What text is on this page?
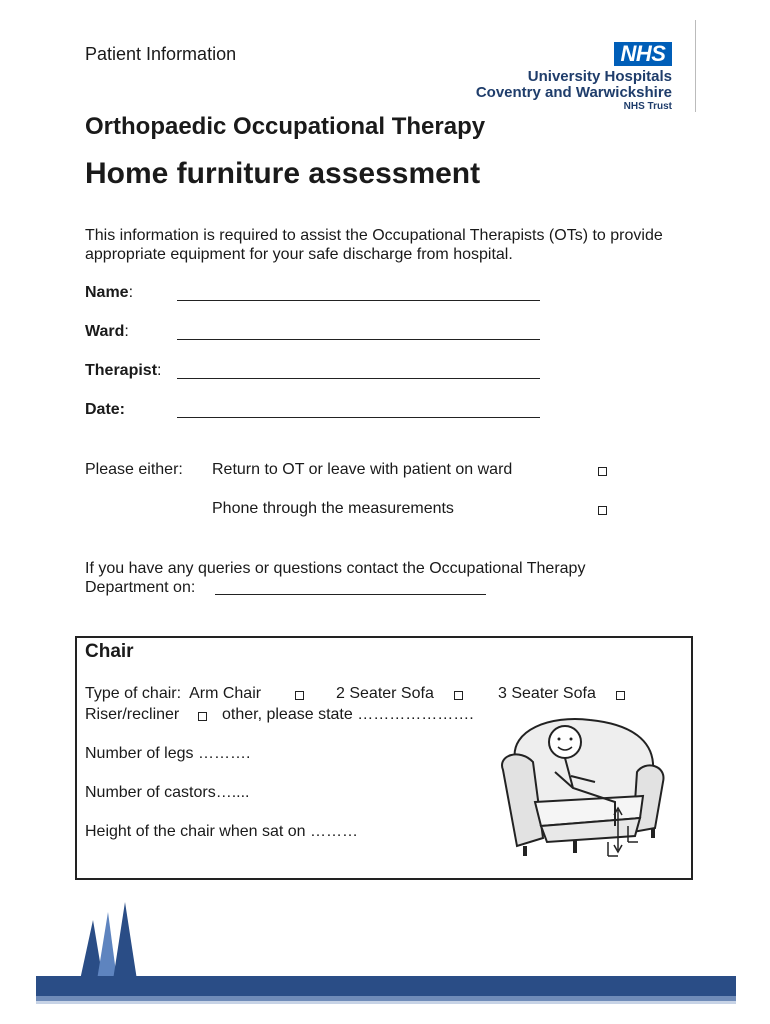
Patient Information	NHS
University Hospitals
Coventry and Warwickshire
NHS Trust
Orthopaedic Occupational Therapy
Home furniture assessment
This information is required to assist the Occupational Therapists (OTs) to provide appropriate equipment for your safe discharge from hospital.
Name:
Ward:
Therapist:
Date:
Please either: Return to OT or leave with patient on ward
Phone through the measurements
If you have any queries or questions contact the Occupational Therapy
Department on:
Chair
Type of chair: Arm Chair	2 Seater Sofa	3 Seater Sofa
Riser/recliner	other, please state ………………….
Number of legs ……….
Number of castors…....
Height of the chair when sat on ………
